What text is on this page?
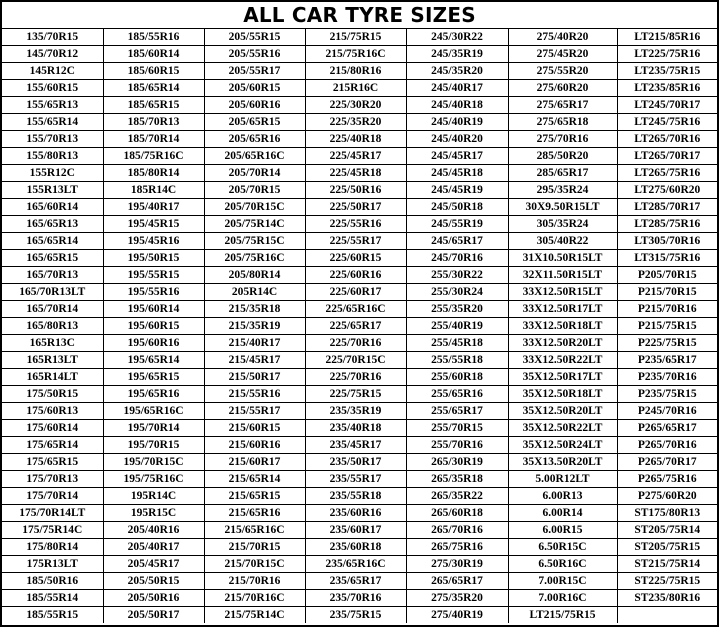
ALL CAR TYRE SIZES
135/70R15	185/55R16	205/55R15	215/75R15	245/30R22	275/40R20	LT215/85R16
145/70R12	185/60R14	205/55R16	215/75R16C	245/35R19	275/45R20	LT225/75R16
145R12C	185/60R15	205/55R17	215/80R16	245/35R20	275/55R20	LT235/75R15
155/60R15	185/65R14	205/60R15	215R16C	245/40R17	275/60R20	LT235/85R16
155/65R13	185/65R15	205/60R16	225/30R20	245/40R18	275/65R17	LT245/70R17
155/65R14	185/70R13	205/65R15	225/35R20	245/40R19	275/65R18	LT245/75R16
155/70R13	185/70R14	205/65R16	225/40R18	245/40R20	275/70R16	LT265/70R16
155/80R13	185/75R16C	205/65R16C	225/45R17	245/45R17	285/50R20	LT265/70R17
155R12C	185/80R14	205/70R14	225/45R18	245/45R18	285/65R17	LT265/75R16
155R13LT	185R14C	205/70R15	225/50R16	245/45R19	295/35R24	LT275/60R20
165/60R14	195/40R17	205/70R15C	225/50R17	245/50R18	30X9.50R15LT	LT285/70R17
165/65R13	195/45R15	205/75R14C	225/55R16	245/55R19	305/35R24	LT285/75R16
165/65R14	195/45R16	205/75R15C	225/55R17	245/65R17	305/40R22	LT305/70R16
165/65R15	195/50R15	205/75R16C	225/60R15	245/70R16	31X10.50R15LT	LT315/75R16
165/70R13	195/55R15	205/80R14	225/60R16	255/30R22	32X11.50R15LT	P205/70R15
165/70R13LT	195/55R16	205R14C	225/60R17	255/30R24	33X12.50R15LT	P215/70R15
165/70R14	195/60R14	215/35R18	225/65R16C	255/35R20	33X12.50R17LT	P215/70R16
165/80R13	195/60R15	215/35R19	225/65R17	255/40R19	33X12.50R18LT	P215/75R15
165R13C	195/60R16	215/40R17	225/70R16	255/45R18	33X12.50R20LT	P225/75R15
165R13LT	195/65R14	215/45R17	225/70R15C	255/55R18	33X12.50R22LT	P235/65R17
165R14LT	195/65R15	215/50R17	225/70R16	255/60R18	35X12.50R17LT	P235/70R16
175/50R15	195/65R16	215/55R16	225/75R15	255/65R16	35X12.50R18LT	P235/75R15
175/60R13	195/65R16C	215/55R17	235/35R19	255/65R17	35X12.50R20LT	P245/70R16
175/60R14	195/70R14	215/60R15	235/40R18	255/70R15	35X12.50R22LT	P265/65R17
175/65R14	195/70R15	215/60R16	235/45R17	255/70R16	35X12.50R24LT	P265/70R16
175/65R15	195/70R15C	215/60R17	235/50R17	265/30R19	35X13.50R20LT	P265/70R17
175/70R13	195/75R16C	215/65R14	235/55R17	265/35R18	5.00R12LT	P265/75R16
175/70R14	195R14C	215/65R15	235/55R18	265/35R22	6.00R13	P275/60R20
175/70R14LT	195R15C	215/65R16	235/60R16	265/60R18	6.00R14	ST175/80R13
175/75R14C	205/40R16	215/65R16C	235/60R17	265/70R16	6.00R15	ST205/75R14
175/80R14	205/40R17	215/70R15	235/60R18	265/75R16	6.50R15C	ST205/75R15
175R13LT	205/45R17	215/70R15C	235/65R16C	275/30R19	6.50R16C	ST215/75R14
185/50R16	205/50R15	215/70R16	235/65R17	265/65R17	7.00R15C	ST225/75R15
185/55R14	205/50R16	215/70R16C	235/70R16	275/35R20	7.00R16C	ST235/80R16
185/55R15	205/50R17	215/75R14C	235/75R15	275/40R19	LT215/75R15	
